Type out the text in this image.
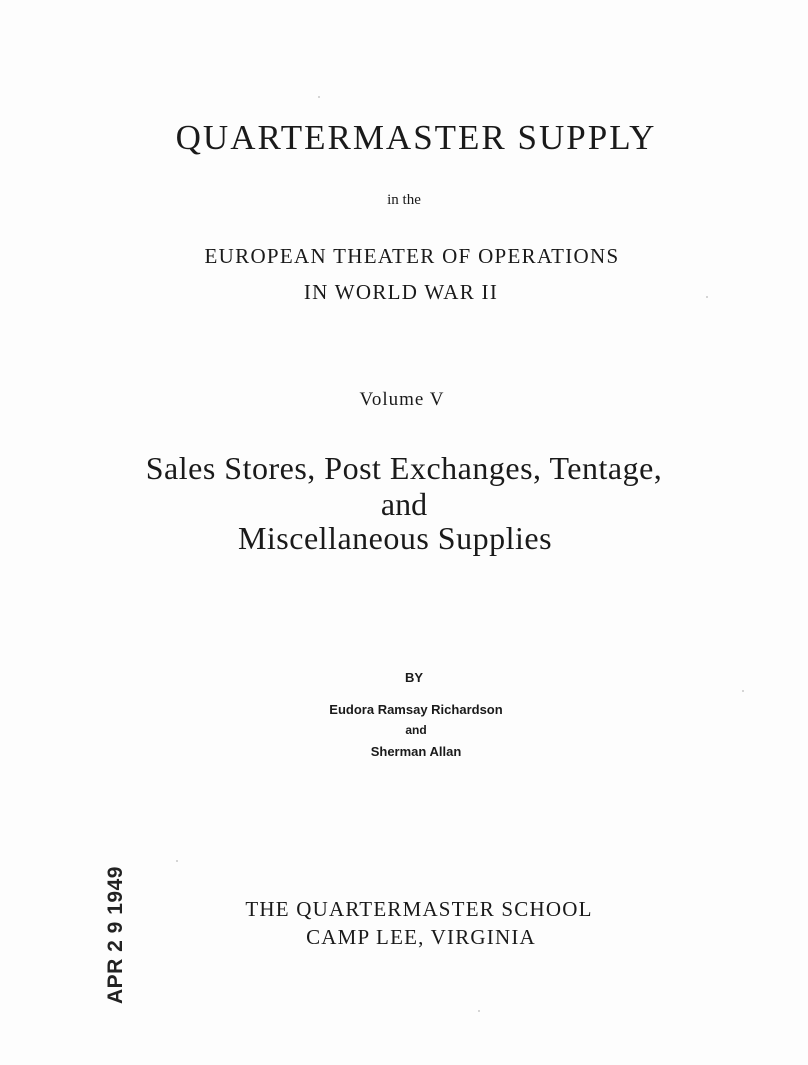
QUARTERMASTER SUPPLY
in the
EUROPEAN THEATER OF OPERATIONS
IN WORLD WAR II
Volume V
Sales Stores, Post Exchanges, Tentage,
and
Miscellaneous Supplies
BY
Eudora Ramsay Richardson
and
Sherman Allan
THE QUARTERMASTER SCHOOL
CAMP LEE, VIRGINIA
APR 2 9 1949
